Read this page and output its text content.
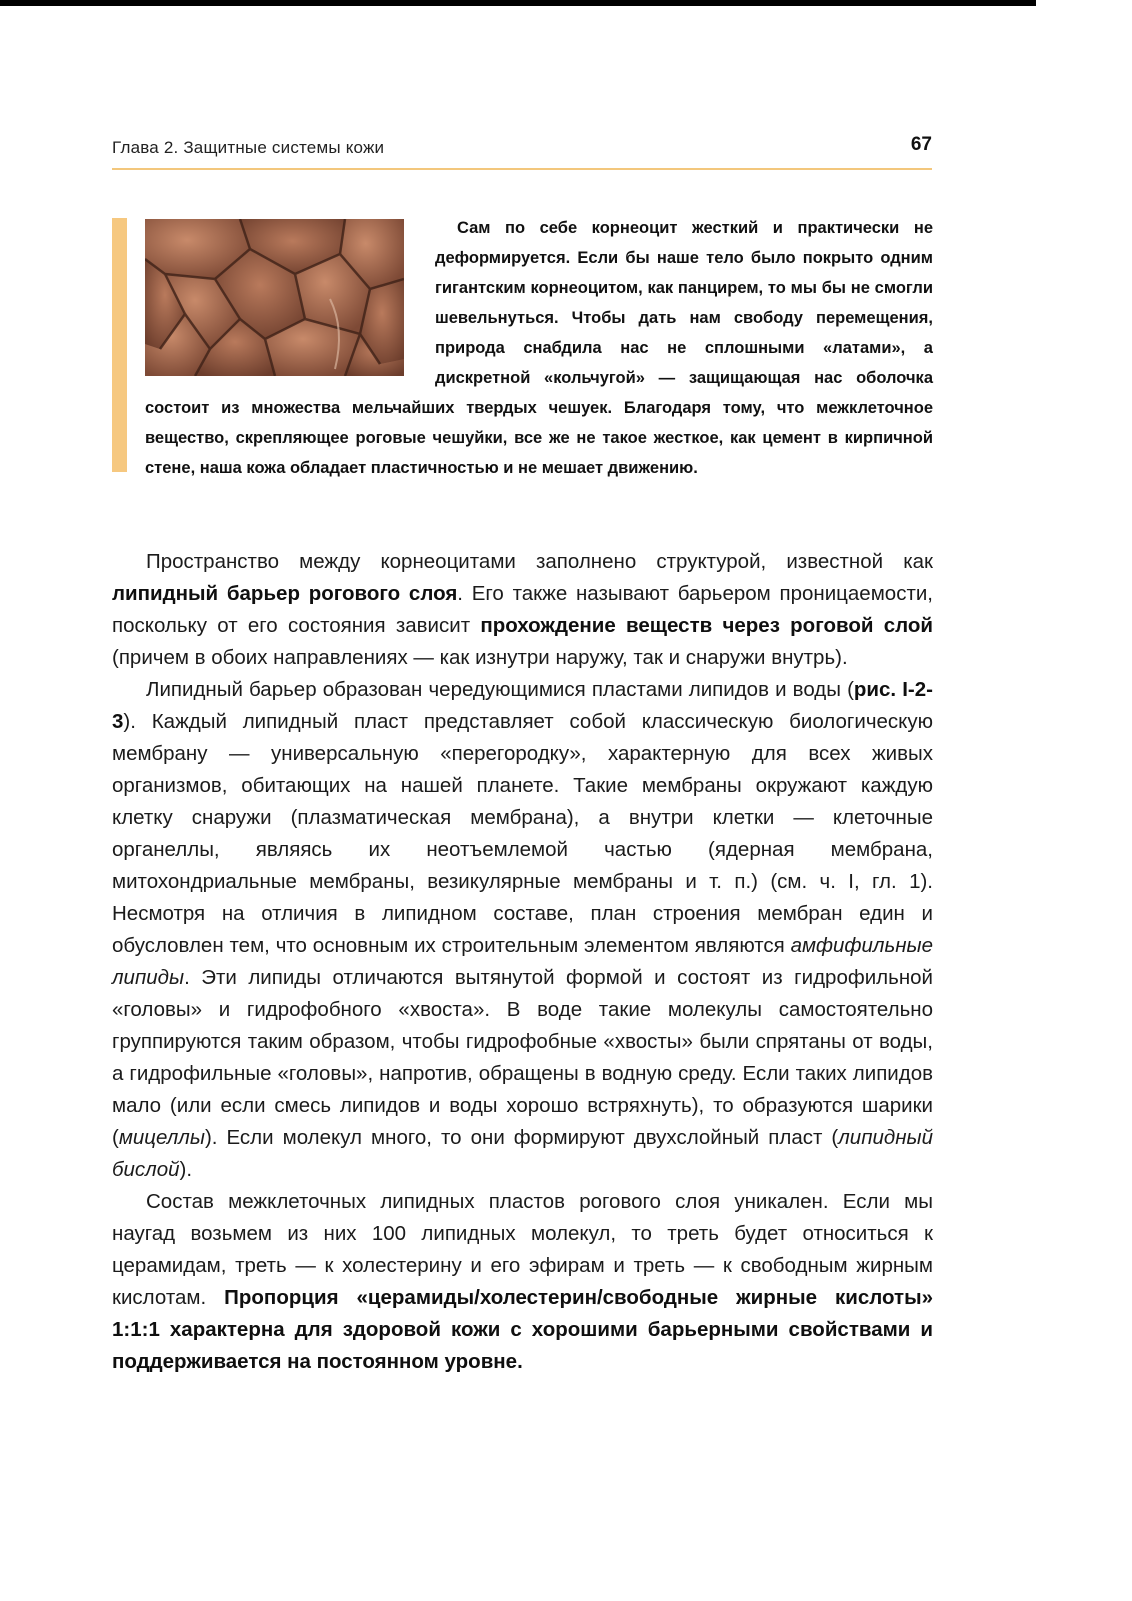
Глава 2. Защитные системы кожи	67

Сам по себе корнеоцит жесткий и практически не деформируется. Если бы наше тело было покрыто одним гигантским корнеоцитом, как панцирем, то мы бы не смогли шевельнуться. Чтобы дать нам свободу перемещения, природа снабдила нас не сплошными «латами», а дискретной «кольчугой» — защищающая нас оболочка состоит из множества мельчайших твердых чешуек. Благодаря тому, что межклеточное вещество, скрепляющее роговые чешуйки, все же не такое жесткое, как цемент в кирпичной стене, наша кожа обладает пластичностью и не мешает движению.

Пространство между корнеоцитами заполнено структурой, известной как липидный барьер рогового слоя. Его также называют барьером проницаемости, поскольку от его состояния зависит прохождение веществ через роговой слой (причем в обоих направлениях — как изнутри наружу, так и снаружи внутрь).

Липидный барьер образован чередующимися пластами липидов и воды (рис. I-2-3). Каждый липидный пласт представляет собой классическую биологическую мембрану — универсальную «перегородку», характерную для всех живых организмов, обитающих на нашей планете. Такие мембраны окружают каждую клетку снаружи (плазматическая мембрана), а внутри клетки — клеточные органеллы, являясь их неотъемлемой частью (ядерная мембрана, митохондриальные мембраны, везикулярные мембраны и т. п.) (см. ч. I, гл. 1). Несмотря на отличия в липидном составе, план строения мембран един и обусловлен тем, что основным их строительным элементом являются амфифильные липиды. Эти липиды отличаются вытянутой формой и состоят из гидрофильной «головы» и гидрофобного «хвоста». В воде такие молекулы самостоятельно группируются таким образом, чтобы гидрофобные «хвосты» были спрятаны от воды, а гидрофильные «головы», напротив, обращены в водную среду. Если таких липидов мало (или если смесь липидов и воды хорошо встряхнуть), то образуются шарики (мицеллы). Если молекул много, то они формируют двухслойный пласт (липидный бислой).

Состав межклеточных липидных пластов рогового слоя уникален. Если мы наугад возьмем из них 100 липидных молекул, то треть будет относиться к церамидам, треть — к холестерину и его эфирам и треть — к свободным жирным кислотам. Пропорция «церамиды/холестерин/свободные жирные кислоты» 1:1:1 характерна для здоровой кожи с хорошими барьерными свойствами и поддерживается на постоянном уровне.
